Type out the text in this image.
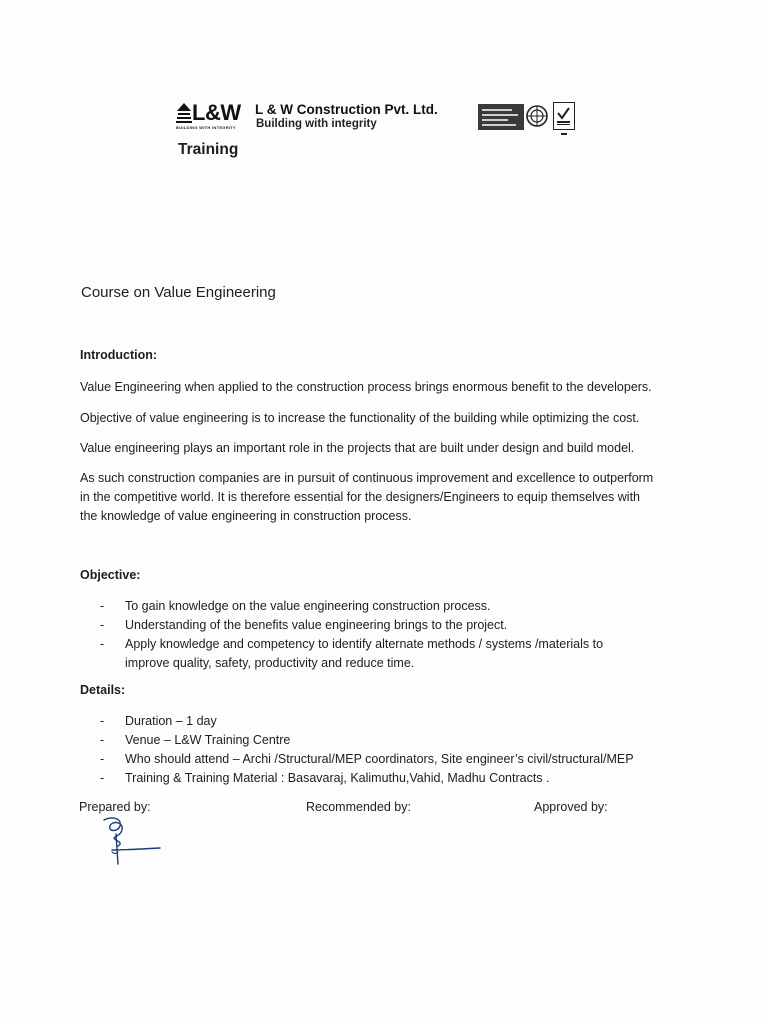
L&W
BUILDING WITH INTEGRITY
L & W Construction Pvt. Ltd.
Building with integrity
Training
Course on Value Engineering
Introduction:

Value Engineering when applied to the construction process brings enormous benefit to the developers.

Objective of value engineering is to increase the functionality of the building while optimizing the cost.

Value engineering plays an important role in the projects that are built under design and build model.

As such construction companies are in pursuit of continuous improvement and excellence to outperform
in the competitive world. It is therefore essential for the designers/Engineers to equip themselves with
the knowledge of value engineering in construction process.

Objective:
- To gain knowledge on the value engineering construction process.
- Understanding of the benefits value engineering brings to the project.
- Apply knowledge and competency to identify alternate methods / systems /materials to
improve quality, safety, productivity and reduce time.
Details:
- Duration – 1 day
- Venue – L&W Training Centre
- Who should attend – Archi /Structural/MEP coordinators, Site engineer’s civil/structural/MEP
- Training & Training Material : Basavaraj, Kalimuthu,Vahid, Madhu Contracts .
Prepared by:	Recommended by:	Approved by:
